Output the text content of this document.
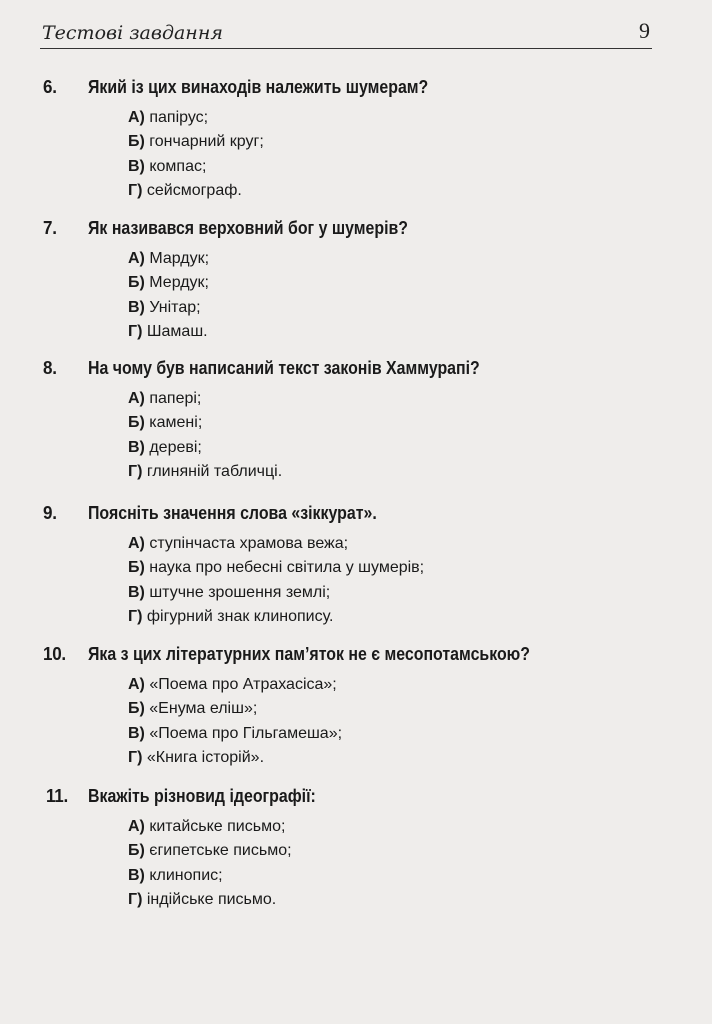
Тестові завдання	9
6. Який із цих винаходів належить шумерам?
А) папірус;
Б) гончарний круг;
В) компас;
Г) сейсмограф.
7. Як називався верховний бог у шумерів?
А) Мардук;
Б) Мердук;
В) Унітар;
Г) Шамаш.
8. На чому був написаний текст законів Хаммурапі?
А) папері;
Б) камені;
В) дереві;
Г) глиняній табличці.
9. Поясніть значення слова «зіккурат».
А) ступінчаста храмова вежа;
Б) наука про небесні світила у шумерів;
В) штучне зрошення землі;
Г) фігурний знак клинопису.
10. Яка з цих літературних пам’яток не є месопотамською?
А) «Поема про Атрахасіса»;
Б) «Енума еліш»;
В) «Поема про Гільгамеша»;
Г) «Книга історій».
11. Вкажіть різновид ідеографії:
А) китайське письмо;
Б) єгипетське письмо;
В) клинопис;
Г) індійське письмо.
